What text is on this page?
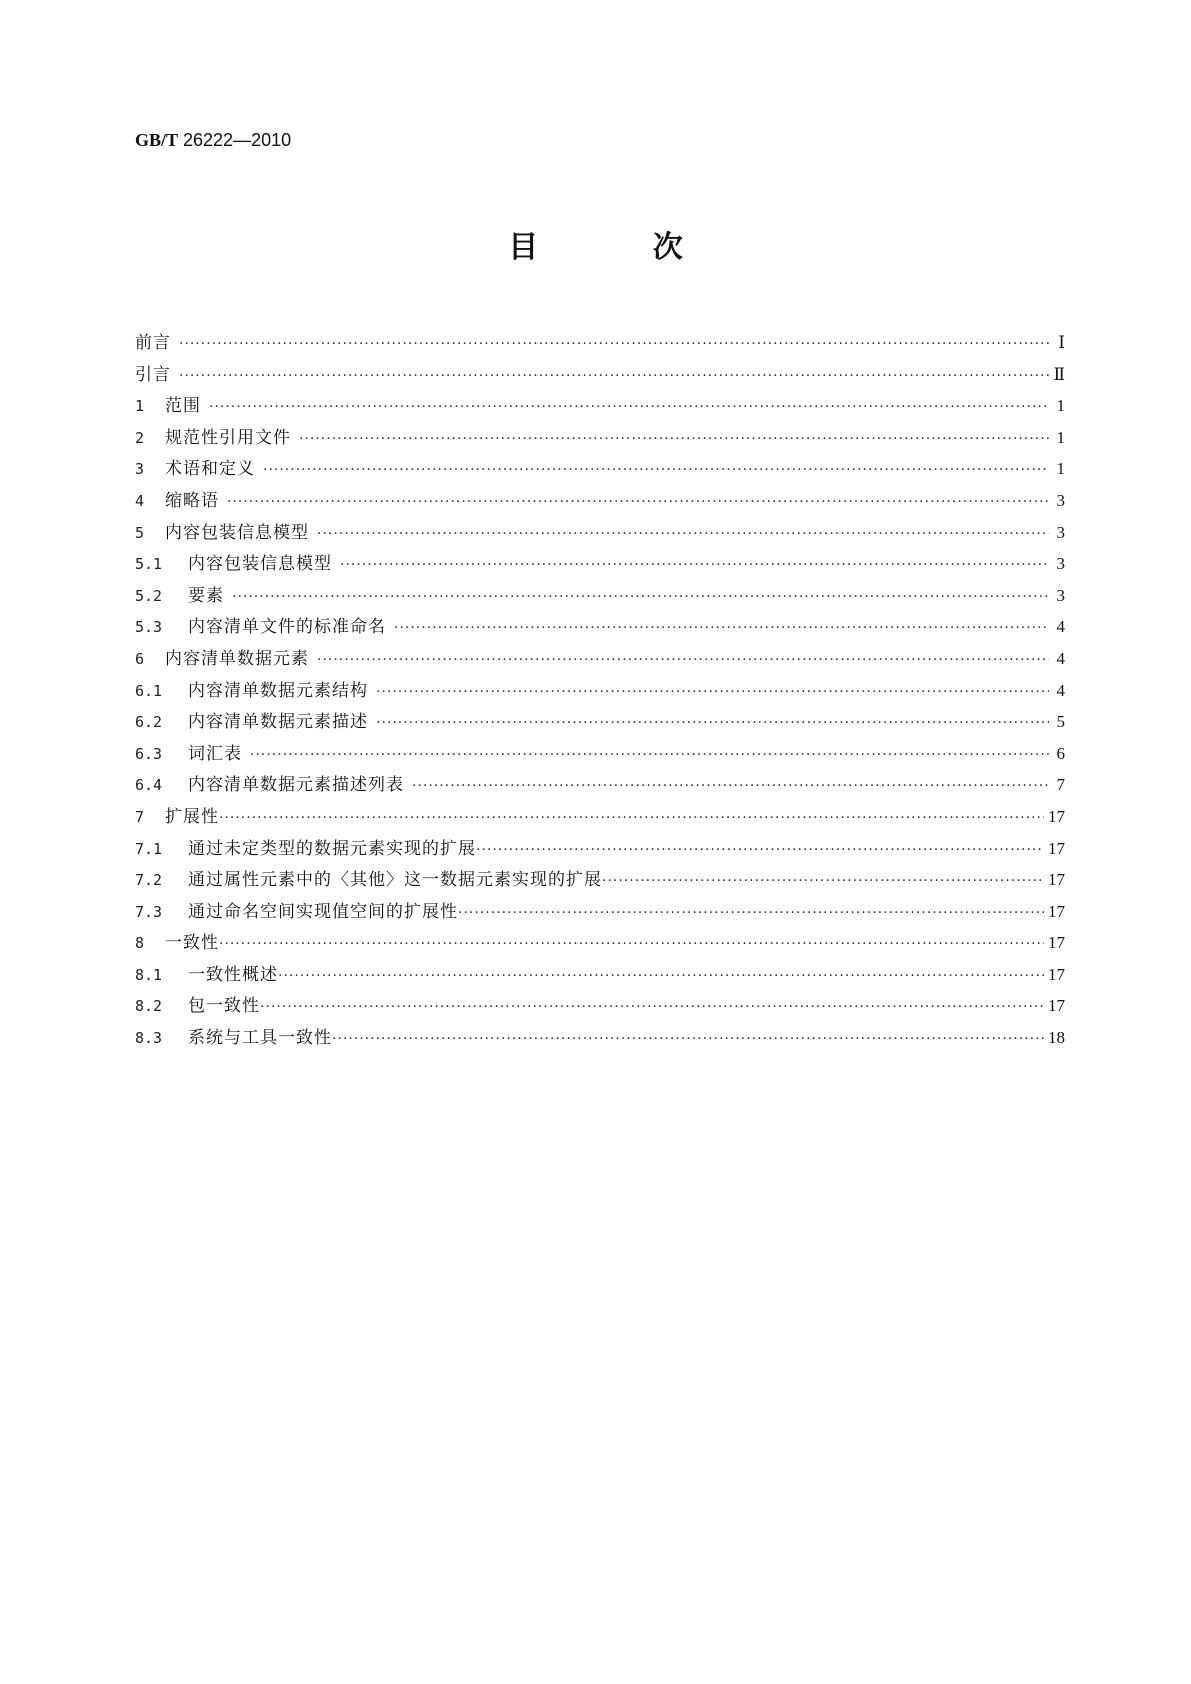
GB/T 26222—2010
目 次
前言 ·····	Ⅰ
引言 ·····	Ⅱ
1	范围 ·····	1
2	规范性引用文件 ·····	1
3	术语和定义 ·····	1
4	缩略语 ·····	3
5	内容包装信息模型 ·····	3
5.1	内容包装信息模型 ·····	3
5.2	要素 ·····	3
5.3	内容清单文件的标准命名 ·····	4
6	内容清单数据元素 ·····	4
6.1	内容清单数据元素结构 ·····	4
6.2	内容清单数据元素描述 ·····	5
6.3	词汇表 ·····	6
6.4	内容清单数据元素描述列表 ·····	7
7	扩展性 ·····	17
7.1	通过未定类型的数据元素实现的扩展 ·····	17
7.2	通过属性元素中的〈其他〉这一数据元素实现的扩展 ·····	17
7.3	通过命名空间实现值空间的扩展性 ·····	17
8	一致性 ·····	17
8.1	一致性概述 ·····	17
8.2	包一致性 ·····	17
8.3	系统与工具一致性 ·····	18
